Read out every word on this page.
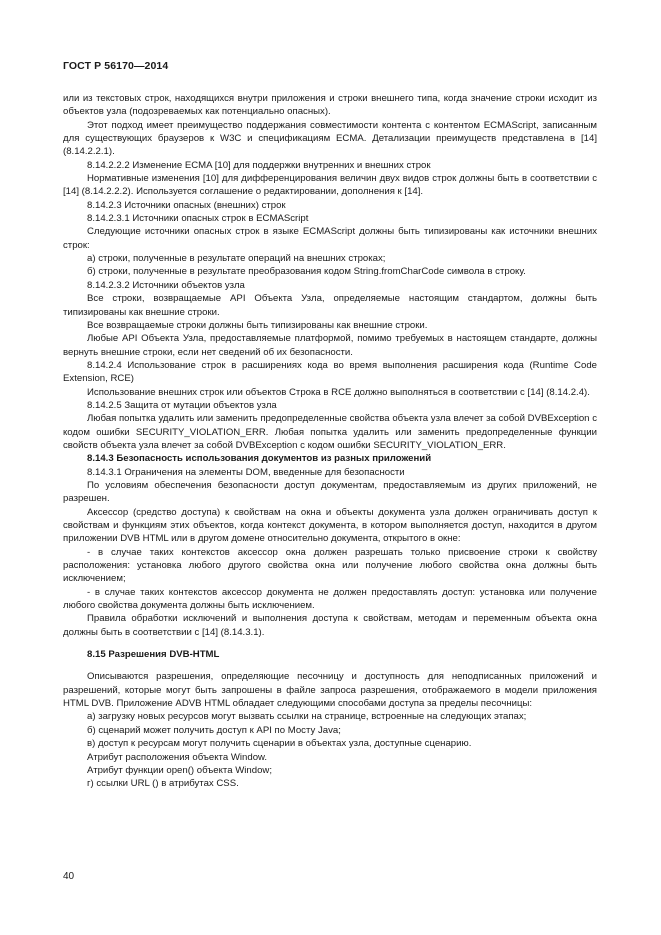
ГОСТ Р 56170—2014

или из текстовых строк, находящихся внутри приложения и строки внешнего типа, когда значение строки исходит из объектов узла (подозреваемых как потенциально опасных).

Этот подход имеет преимущество поддержания совместимости контента с контентом ECMAScript, записанным для существующих браузеров к W3C и спецификациям ECMA. Детализации преимуществ представлена в [14] (8.14.2.2.1).

8.14.2.2.2 Изменение ECMA [10] для поддержки внутренних и внешних строк

Нормативные изменения [10] для дифференцирования величин двух видов строк должны быть в соответствии с [14] (8.14.2.2.2). Используется соглашение о редактировании, дополнения к [14].

8.14.2.3 Источники опасных (внешних) строк

8.14.2.3.1 Источники опасных строк в ECMAScript

Следующие источники опасных строк в языке ECMAScript должны быть типизированы как источники внешних строк:

а) строки, полученные в результате операций на внешних строках;

б) строки, полученные в результате преобразования кодом String.fromCharCode символа в строку.

8.14.2.3.2 Источники объектов узла

Все строки, возвращаемые API Объекта Узла, определяемые настоящим стандартом, должны быть типизированы как внешние строки.

Все возвращаемые строки должны быть типизированы как внешние строки.

Любые API Объекта Узла, предоставляемые платформой, помимо требуемых в настоящем стандарте, должны вернуть внешние строки, если нет сведений об их безопасности.

8.14.2.4 Использование строк в расширениях кода во время выполнения расширения кода (Runtime Code Extension, RCE)

Использование внешних строк или объектов Строка в RCE должно выполняться в соответствии с [14] (8.14.2.4).

8.14.2.5 Защита от мутации объектов узла

Любая попытка удалить или заменить предопределенные свойства объекта узла влечет за собой DVBException с кодом ошибки SECURITY_VIOLATION_ERR. Любая попытка удалить или заменить предопределенные функции свойств объекта узла влечет за собой DVBException с кодом ошибки SECURITY_VIOLATION_ERR.

8.14.3 Безопасность использования документов из разных приложений

8.14.3.1 Ограничения на элементы DOM, введенные для безопасности

По условиям обеспечения безопасности доступ документам, предоставляемым из других приложений, не разрешен.

Аксессор (средство доступа) к свойствам на окна и объекты документа узла должен ограничивать доступ к свойствам и функциям этих объектов, когда контекст документа, в котором выполняется доступ, находится в другом приложении DVB HTML или в другом домене относительно документа, открытого в окне:

- в случае таких контекстов аксессор окна должен разрешать только присвоение строки к свойству расположения: установка любого другого свойства окна или получение любого свойства окна должны быть исключением;

- в случае таких контекстов аксессор документа не должен предоставлять доступ: установка или получение любого свойства документа должны быть исключением.

Правила обработки исключений и выполнения доступа к свойствам, методам и переменным объекта окна должны быть в соответствии с [14] (8.14.3.1).

8.15 Разрешения DVB-HTML

Описываются разрешения, определяющие песочницу и доступность для неподписанных приложений и разрешений, которые могут быть запрошены в файле запроса разрешения, отображаемого в модели приложения HTML DVB. Приложение ADVB HTML обладает следующими способами доступа за пределы песочницы:

а) загрузку новых ресурсов могут вызвать ссылки на странице, встроенные на следующих этапах;

б) сценарий может получить доступ к API по Мосту Java;

в) доступ к ресурсам могут получить сценарии в объектах узла, доступные сценарию.

Атрибут расположения объекта Window.

Атрибут функции open() объекта Window;

г) ссылки URL () в атрибутах CSS.

40
